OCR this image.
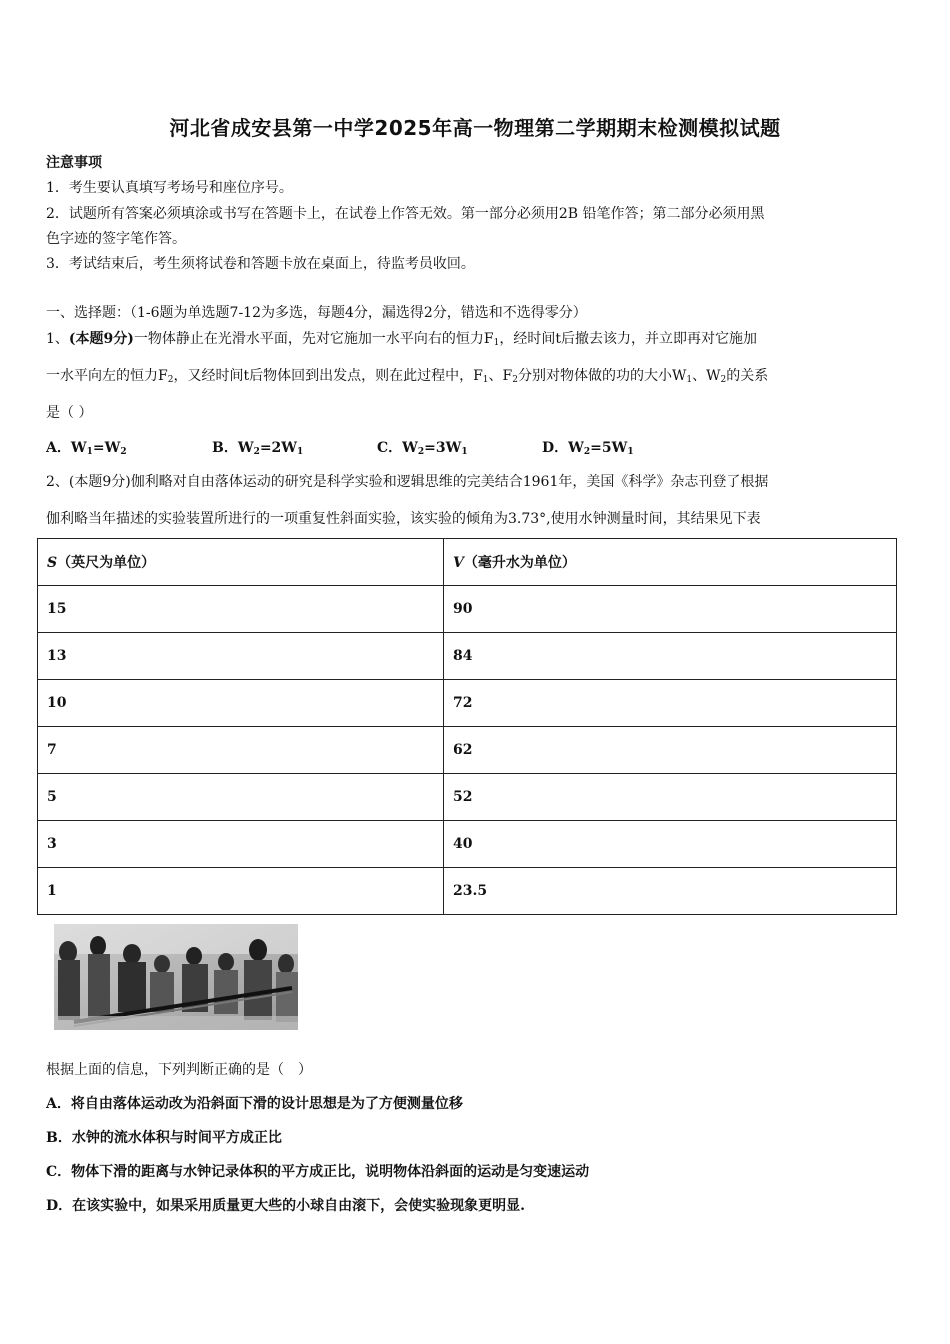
河北省成安县第一中学2025年高一物理第二学期期末检测模拟试题
注意事项
1．考生要认真填写考场号和座位序号。
2．试题所有答案必须填涂或书写在答题卡上，在试卷上作答无效。第一部分必须用2B 铅笔作答；第二部分必须用黑
色字迹的签字笔作答。
3．考试结束后，考生须将试卷和答题卡放在桌面上，待监考员收回。
一、选择题：（1-6题为单选题7-12为多选，每题4分，漏选得2分，错选和不选得零分）
1、(本题9分)一物体静止在光滑水平面，先对它施加一水平向右的恒力$F_1$，经时间t后撤去该力，并立即再对它施加
一水平向左的恒力$F_2$，又经时间t后物体回到出发点，则在此过程中，$F_1$、$F_2$分别对物体做的功的大小$W_1$、$W_2$的关系
是（ ）
A．$W_1=W_2$	B．$W_2=2W_1$	C．$W_2=3W_1$	D．$W_2=5W_1$
2、(本题9分)伽利略对自由落体运动的研究是科学实验和逻辑思维的完美结合1961年，美国《科学》杂志刊登了根据
伽利略当年描述的实验装置所进行的一项重复性斜面实验，该实验的倾角为3.73°,使用水钟测量时间，其结果见下表
S（英尺为单位）	V（毫升水为单位）
15	90
13	84
10	72
7	62
5	52
3	40
1	23.5
根据上面的信息，下列判断正确的是（　）
A．将自由落体运动改为沿斜面下滑的设计思想是为了方便测量位移
B．水钟的流水体积与时间平方成正比
C．物体下滑的距离与水钟记录体积的平方成正比，说明物体沿斜面的运动是匀变速运动
D．在该实验中，如果采用质量更大些的小球自由滚下，会使实验现象更明显.
